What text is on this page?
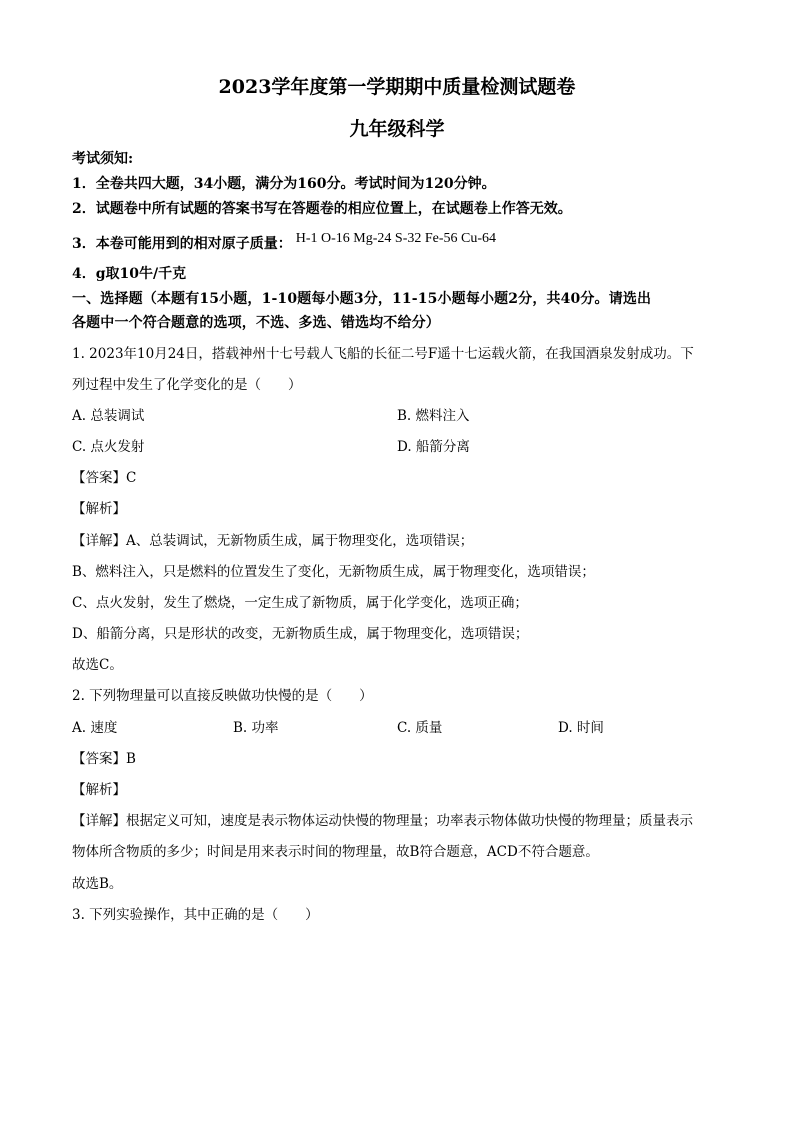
2023学年度第一学期期中质量检测试题卷
九年级科学
考试须知:
1．全卷共四大题，34小题，满分为160分。考试时间为120分钟。
2．试题卷中所有试题的答案书写在答题卷的相应位置上，在试题卷上作答无效。
3．本卷可能用到的相对原子质量： H-1 O-16 Mg-24 S-32 Fe-56 Cu-64
4．g取10牛/千克
一、选择题（本题有15小题，1-10题每小题3分，11-15小题每小题2分，共40分。请选出
各题中一个符合题意的选项，不选、多选、错选均不给分）
1. 2023年10月24日，搭载神州十七号载人飞船的长征二号F遥十七运载火箭，在我国酒泉发射成功。下
列过程中发生了化学变化的是（　　）
A. 总装调试	B. 燃料注入
C. 点火发射	D. 船箭分离
【答案】C
【解析】
【详解】A、总装调试，无新物质生成，属于物理变化，选项错误；
B、燃料注入，只是燃料的位置发生了变化，无新物质生成，属于物理变化，选项错误；
C、点火发射，发生了燃烧，一定生成了新物质，属于化学变化，选项正确；
D、船箭分离，只是形状的改变，无新物质生成，属于物理变化，选项错误；
故选C。
2. 下列物理量可以直接反映做功快慢的是（　　）
A. 速度	B. 功率	C. 质量	D. 时间
【答案】B
【解析】
【详解】根据定义可知，速度是表示物体运动快慢的物理量；功率表示物体做功快慢的物理量；质量表示
物体所含物质的多少；时间是用来表示时间的物理量，故B符合题意，ACD不符合题意。
故选B。
3. 下列实验操作，其中正确的是（　　）
